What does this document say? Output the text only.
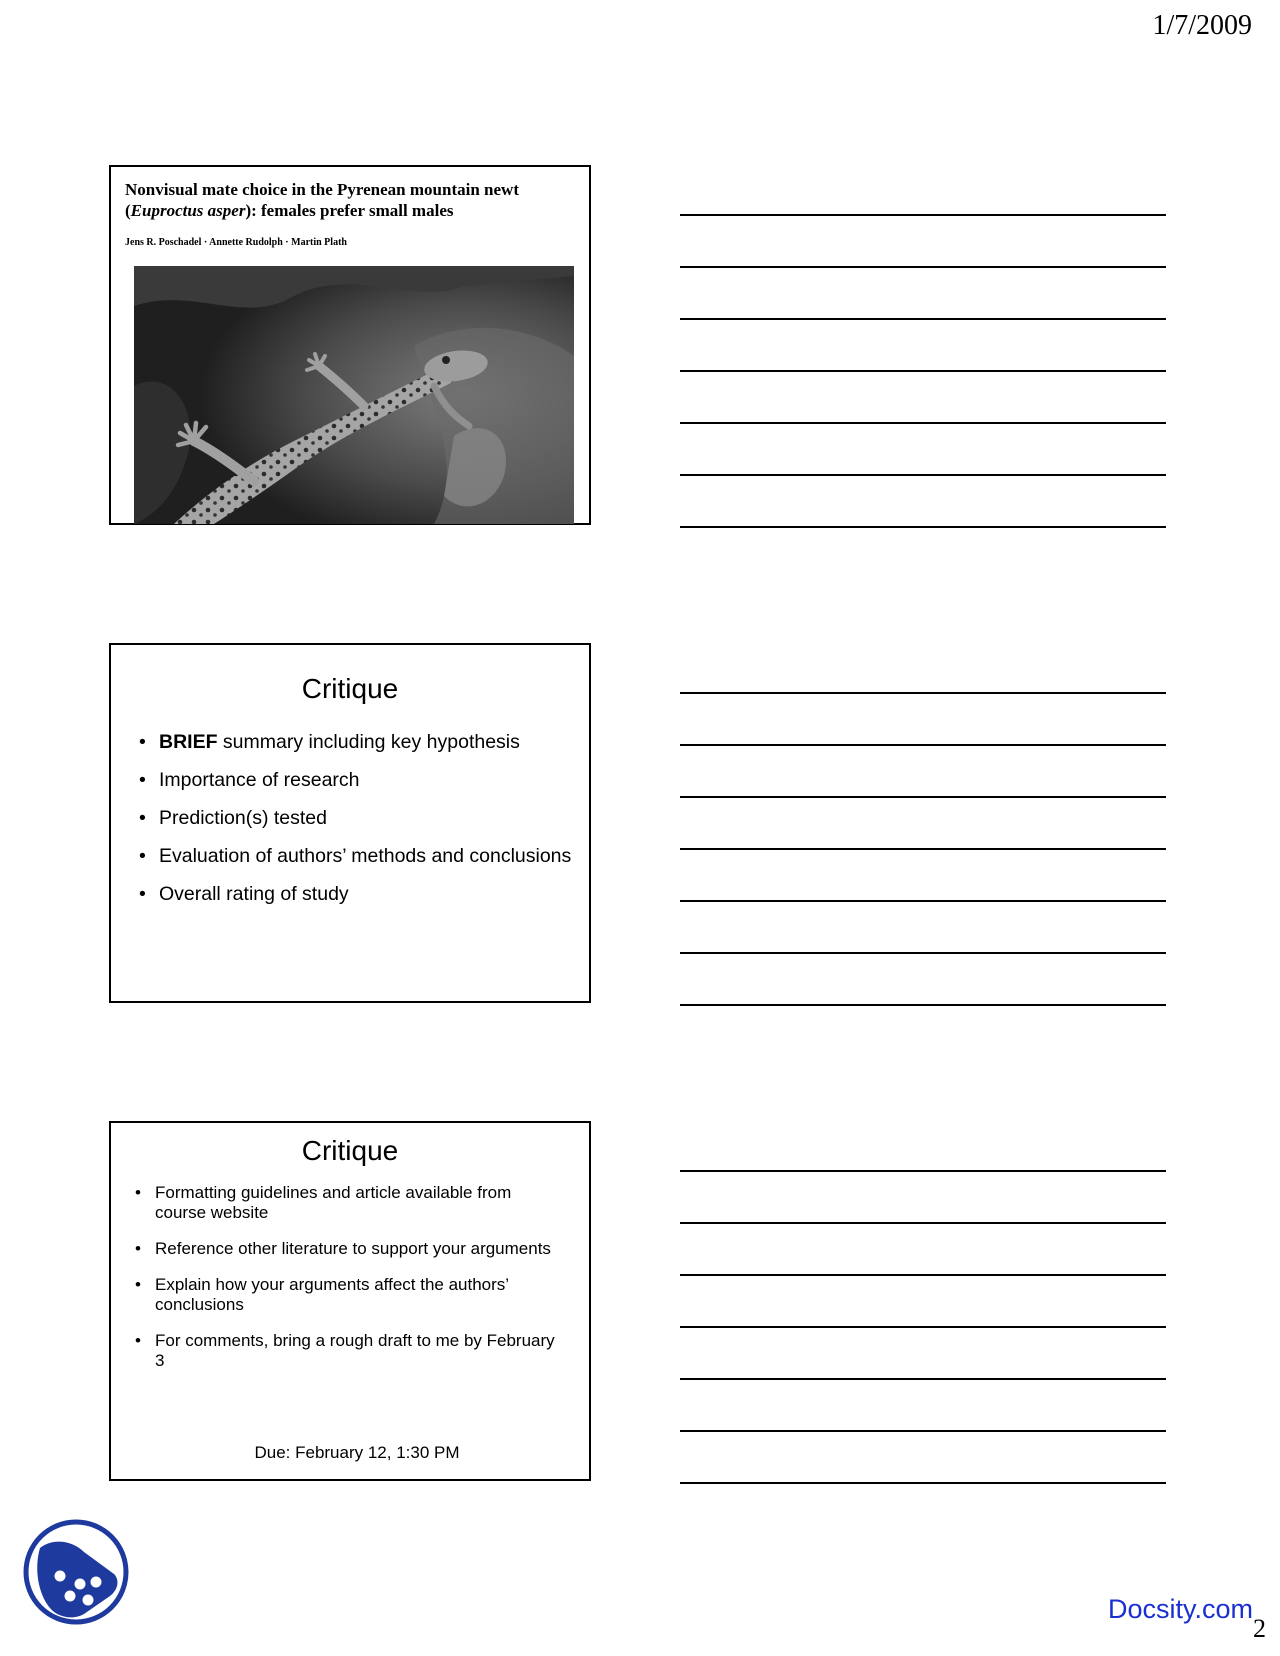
1/7/2009
Nonvisual mate choice in the Pyrenean mountain newt
(Euproctus asper): females prefer small males
Jens R. Poschadel · Annette Rudolph · Martin Plath
Critique
• BRIEF summary including key hypothesis
• Importance of research
• Prediction(s) tested
• Evaluation of authors’ methods and conclusions
• Overall rating of study
Critique
• Formatting guidelines and article available from course website
• Reference other literature to support your arguments
• Explain how your arguments affect the authors’ conclusions
• For comments, bring a rough draft to me by February 3
Due: February 12, 1:30 PM
Docsity.com
2
